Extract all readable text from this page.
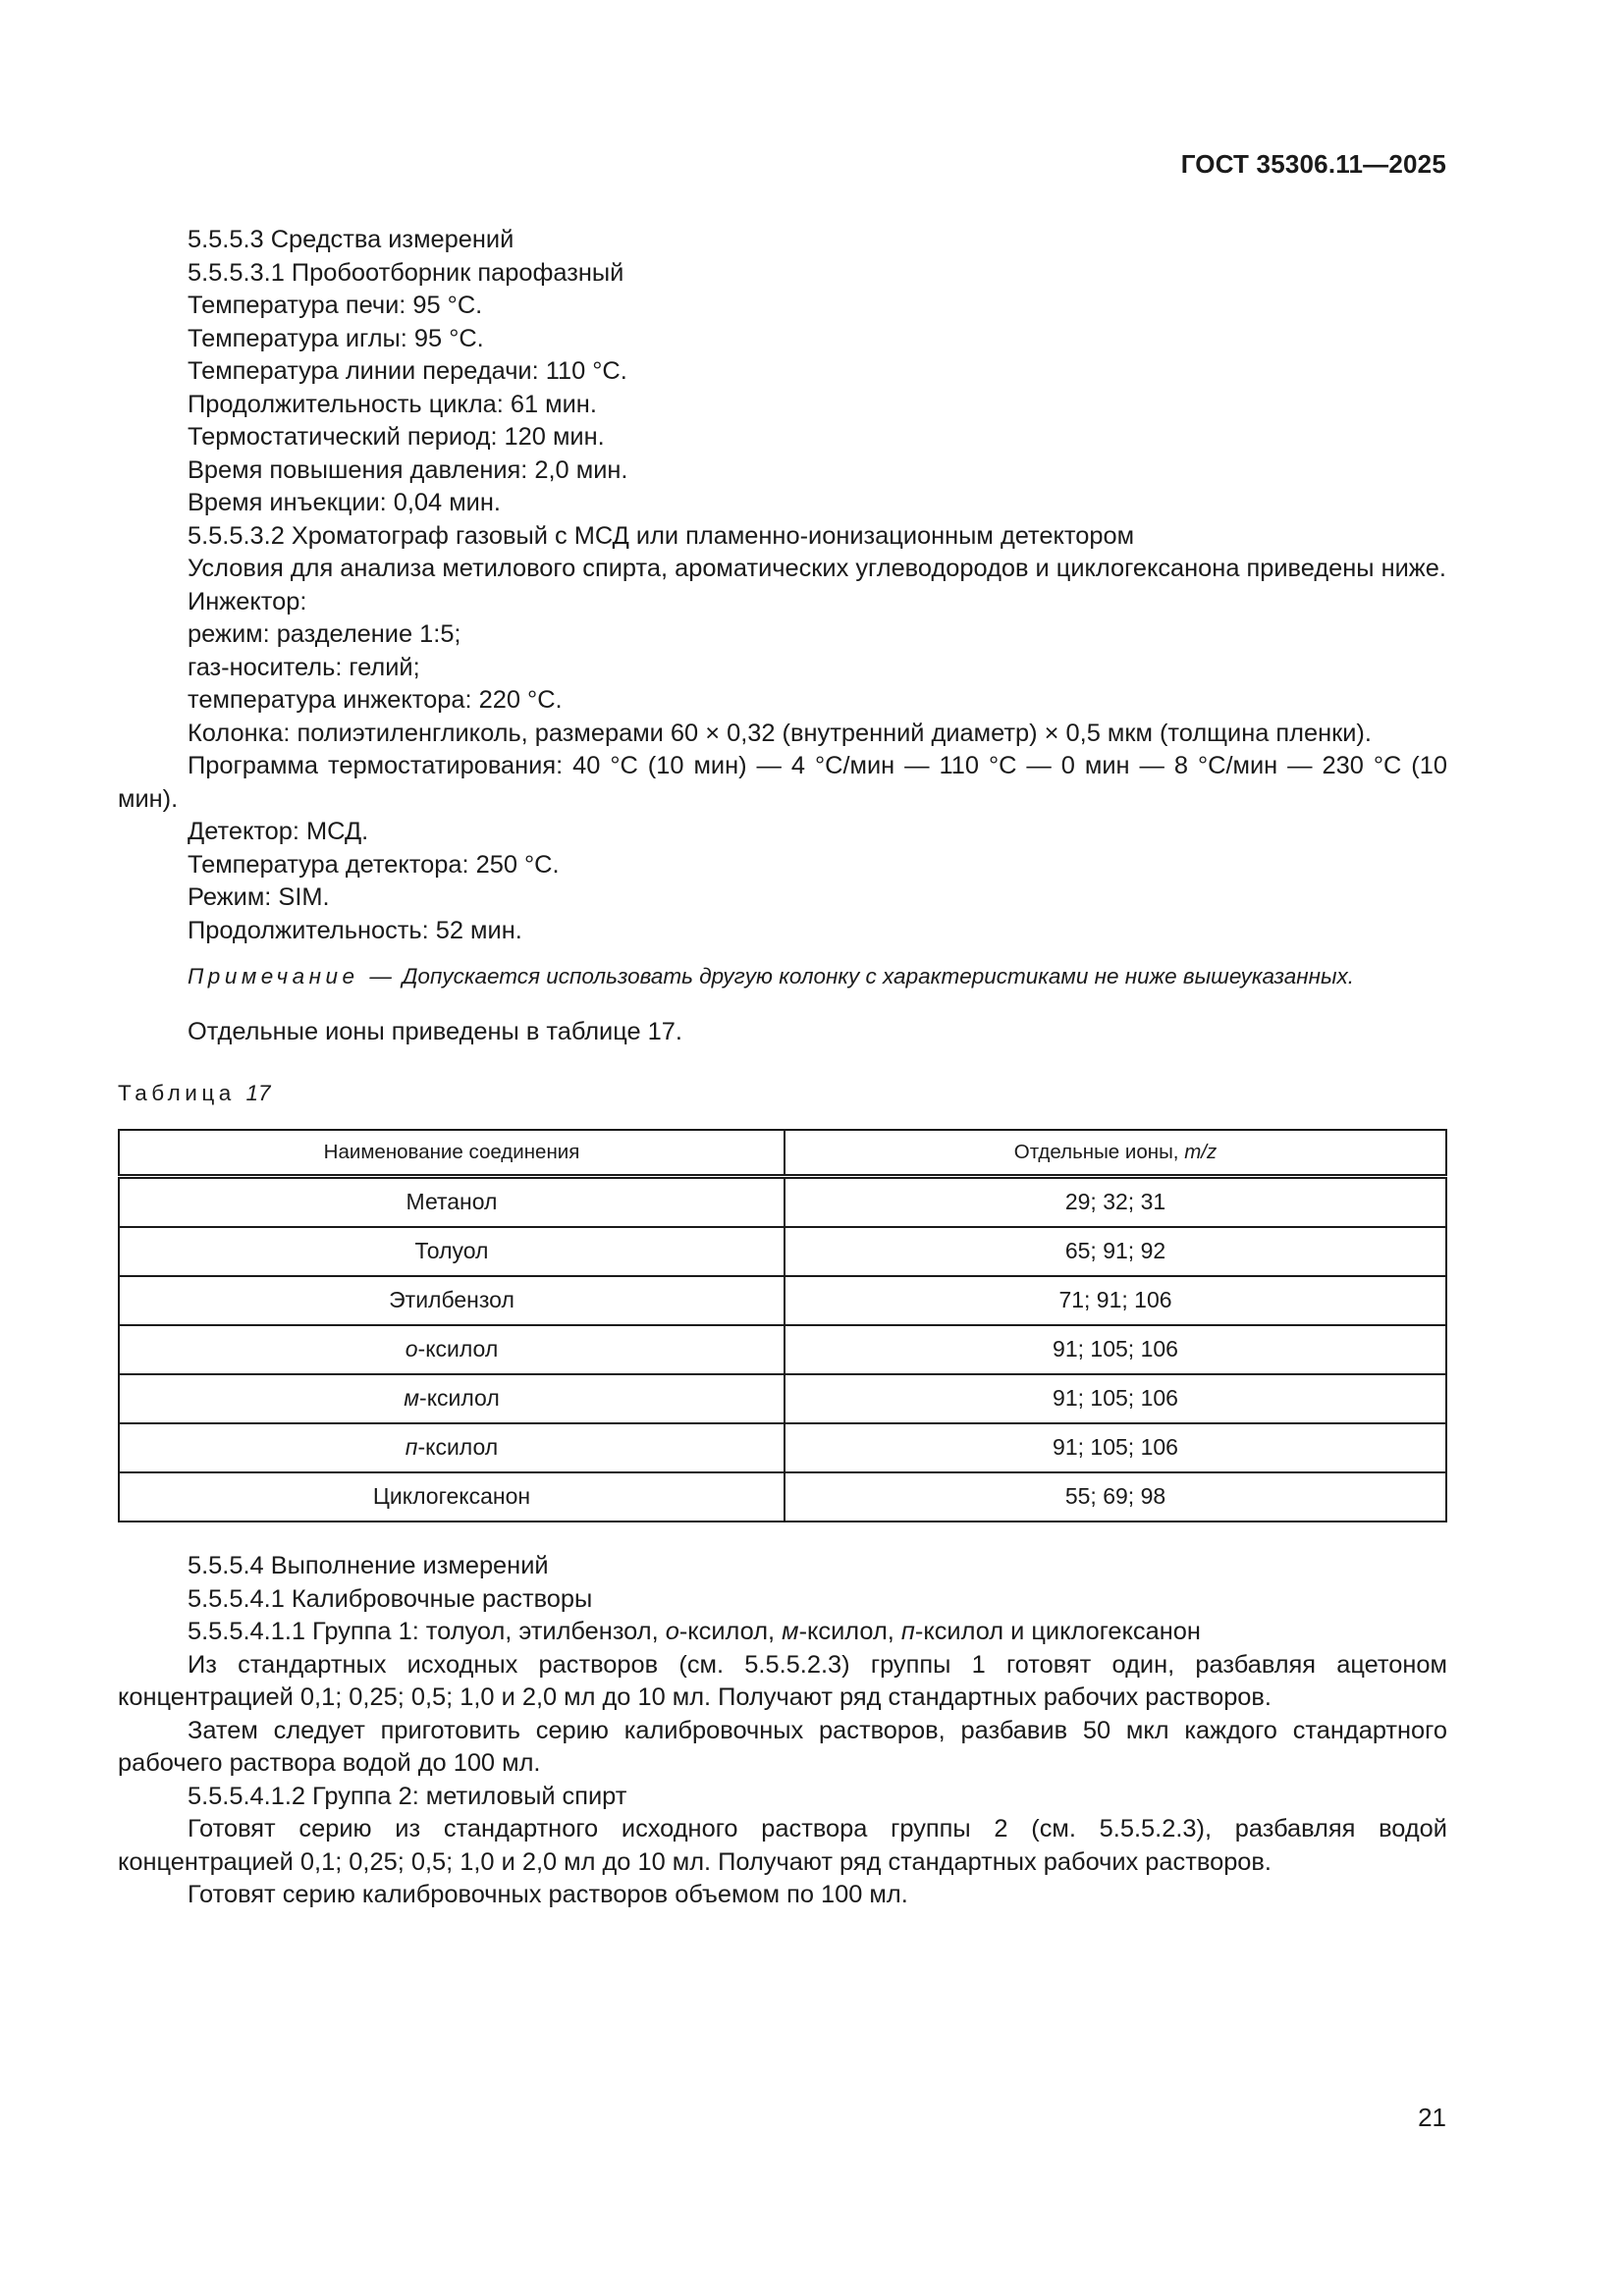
ГОСТ 35306.11—2025

5.5.5.3 Средства измерений

5.5.5.3.1 Пробоотборник парофазный

Температура печи: 95 °С.

Температура иглы: 95 °С.

Температура линии передачи: 110 °С.

Продолжительность цикла: 61 мин.

Термостатический период: 120 мин.

Время повышения давления: 2,0 мин.

Время инъекции: 0,04 мин.

5.5.5.3.2 Хроматограф газовый с МСД или пламенно-ионизационным детектором

Условия для анализа метилового спирта, ароматических углеводородов и циклогексанона приведены ниже.

Инжектор:

режим: разделение 1:5;

газ-носитель: гелий;

температура инжектора: 220 °С.

Колонка: полиэтиленгликоль, размерами 60 × 0,32 (внутренний диаметр) × 0,5 мкм (толщина пленки).

Программа термостатирования: 40 °С (10 мин) — 4 °С/мин — 110 °С — 0 мин — 8 °С/мин — 230 °С (10 мин).

Детектор: МСД.

Температура детектора: 250 °С.

Режим: SIM.

Продолжительность: 52 мин.

Примечание — Допускается использовать другую колонку с характеристиками не ниже вышеуказанных.

Отдельные ионы приведены в таблице 17.

Таблица 17

Наименование соединения	Отдельные ионы, m/z
Метанол	29; 32; 31
Толуол	65; 91; 92
Этилбензол	71; 91; 106
о-ксилол	91; 105; 106
м-ксилол	91; 105; 106
п-ксилол	91; 105; 106
Циклогексанон	55; 69; 98

5.5.5.4 Выполнение измерений

5.5.5.4.1 Калибровочные растворы

5.5.5.4.1.1 Группа 1: толуол, этилбензол, о-ксилол, м-ксилол, п-ксилол и циклогексанон

Из стандартных исходных растворов (см. 5.5.5.2.3) группы 1 готовят один, разбавляя ацетоном концентрацией 0,1; 0,25; 0,5; 1,0 и 2,0 мл до 10 мл. Получают ряд стандартных рабочих растворов.

Затем следует приготовить серию калибровочных растворов, разбавив 50 мкл каждого стандартного рабочего раствора водой до 100 мл.

5.5.5.4.1.2 Группа 2: метиловый спирт

Готовят серию из стандартного исходного раствора группы 2 (см. 5.5.5.2.3), разбавляя водой концентрацией 0,1; 0,25; 0,5; 1,0 и 2,0 мл до 10 мл. Получают ряд стандартных рабочих растворов.

Готовят серию калибровочных растворов объемом по 100 мл.

21
